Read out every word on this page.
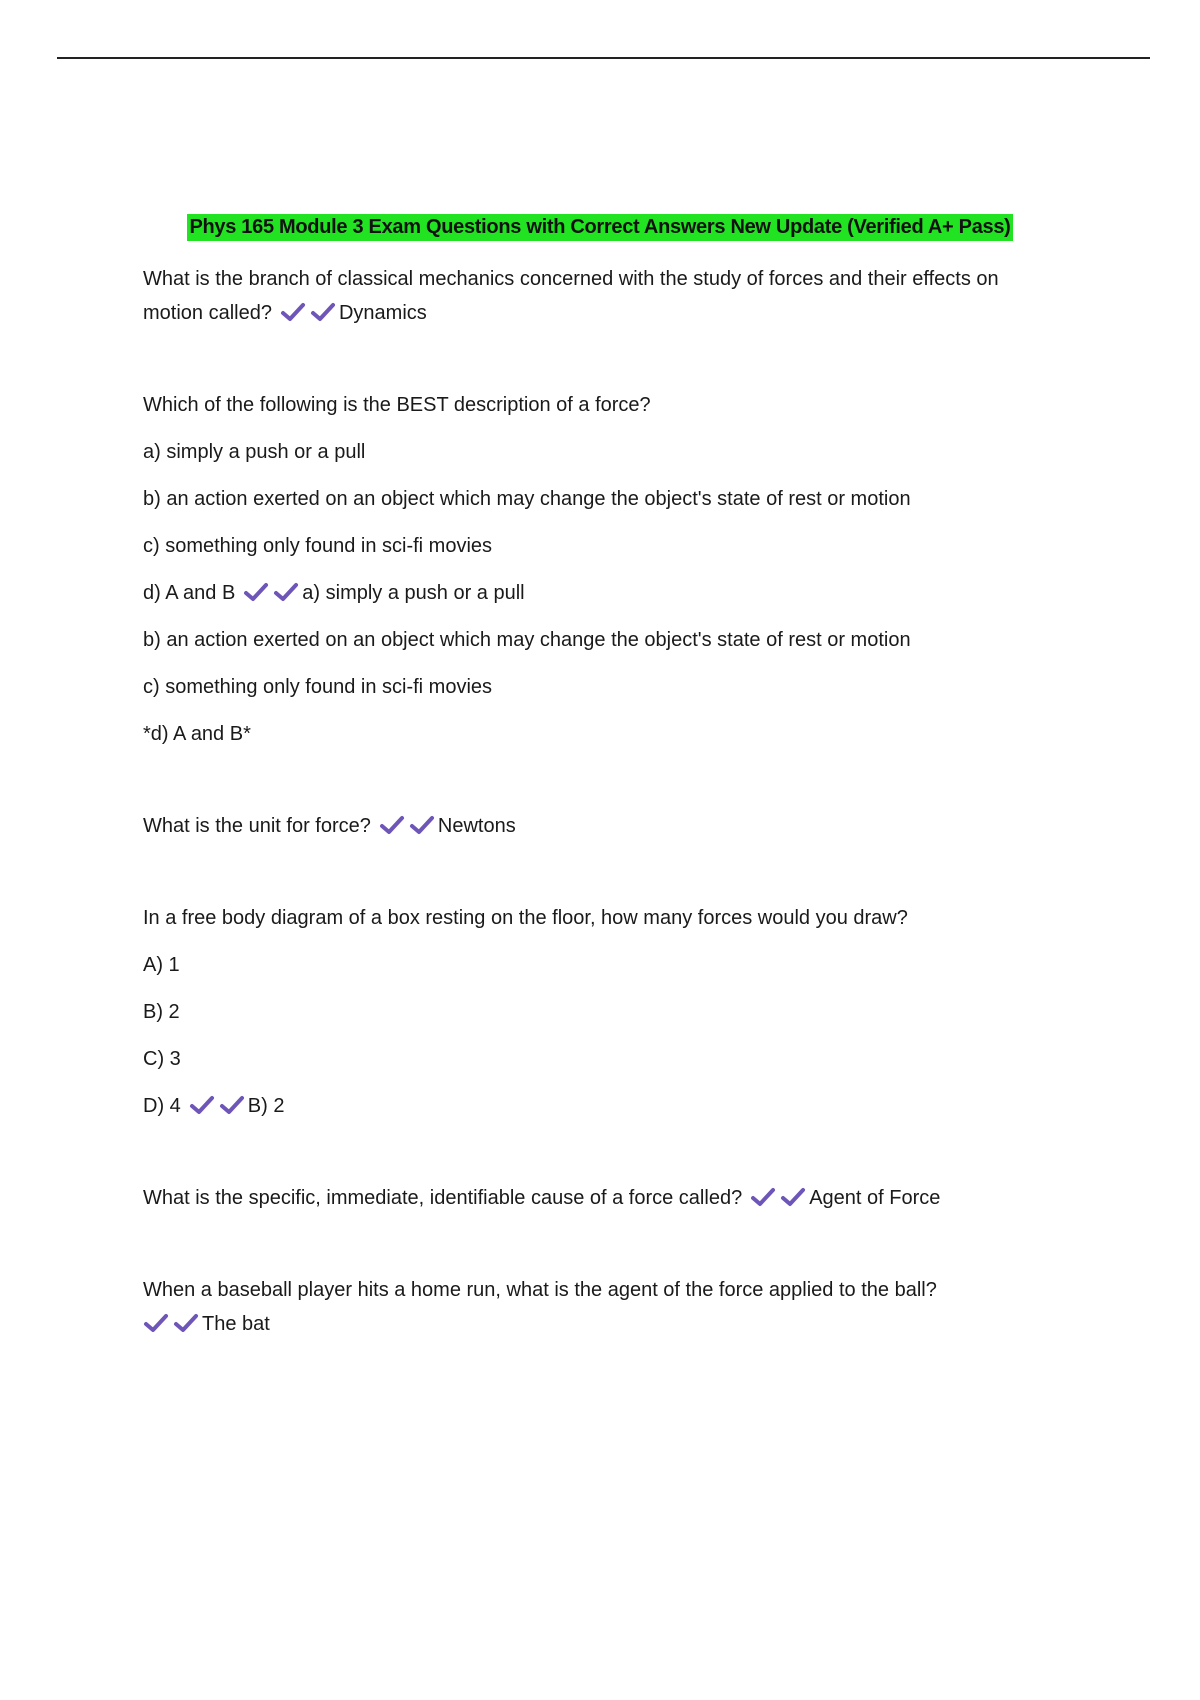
Phys 165 Module 3 Exam Questions with Correct Answers New Update (Verified A+ Pass)
What is the branch of classical mechanics concerned with the study of forces and their effects on motion called?	Dynamics
Which of the following is the BEST description of a force?
a) simply a push or a pull
b) an action exerted on an object which may change the object's state of rest or motion
c) something only found in sci-fi movies
d) A and B	a) simply a push or a pull
b) an action exerted on an object which may change the object's state of rest or motion
c) something only found in sci-fi movies
*d) A and B*
What is the unit for force?	Newtons
In a free body diagram of a box resting on the floor, how many forces would you draw?
A) 1
B) 2
C) 3
D) 4	B) 2
What is the specific, immediate, identifiable cause of a force called?	Agent of Force
When a baseball player hits a home run, what is the agent of the force applied to the ball?
The bat
